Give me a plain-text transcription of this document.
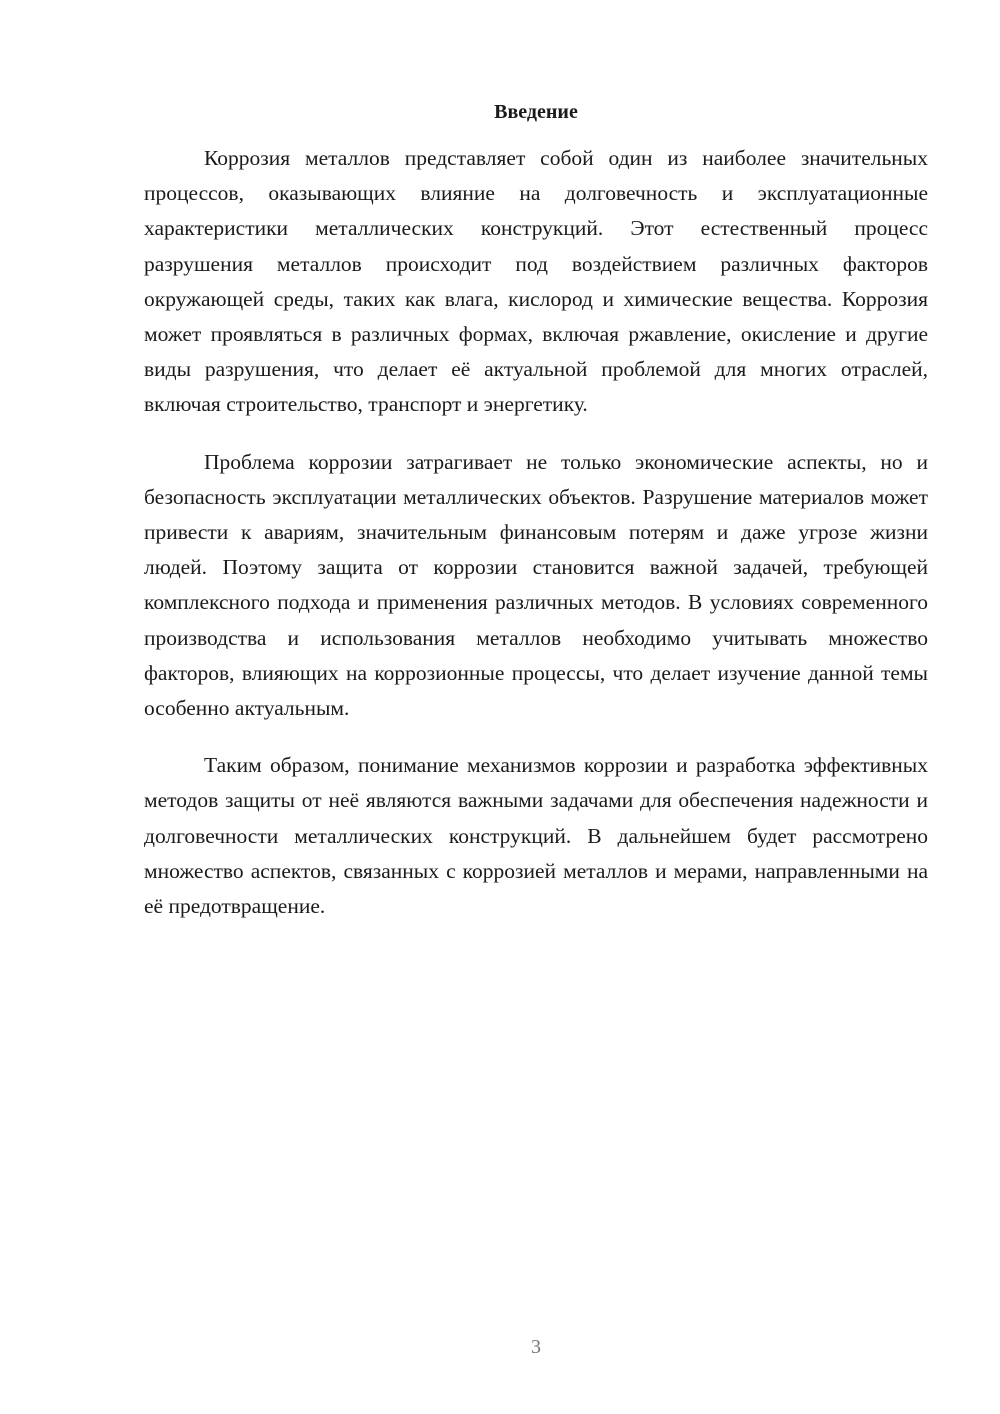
Введение

Коррозия металлов представляет собой один из наиболее значительных процессов, оказывающих влияние на долговечность и эксплуатационные характеристики металлических конструкций. Этот естественный процесс разрушения металлов происходит под воздействием различных факторов окружающей среды, таких как влага, кислород и химические вещества. Коррозия может проявляться в различных формах, включая ржавление, окисление и другие виды разрушения, что делает её актуальной проблемой для многих отраслей, включая строительство, транспорт и энергетику.

Проблема коррозии затрагивает не только экономические аспекты, но и безопасность эксплуатации металлических объектов. Разрушение материалов может привести к авариям, значительным финансовым потерям и даже угрозе жизни людей. Поэтому защита от коррозии становится важной задачей, требующей комплексного подхода и применения различных методов. В условиях современного производства и использования металлов необходимо учитывать множество факторов, влияющих на коррозионные процессы, что делает изучение данной темы особенно актуальным.

Таким образом, понимание механизмов коррозии и разработка эффективных методов защиты от неё являются важными задачами для обеспечения надежности и долговечности металлических конструкций. В дальнейшем будет рассмотрено множество аспектов, связанных с коррозией металлов и мерами, направленными на её предотвращение.

3
